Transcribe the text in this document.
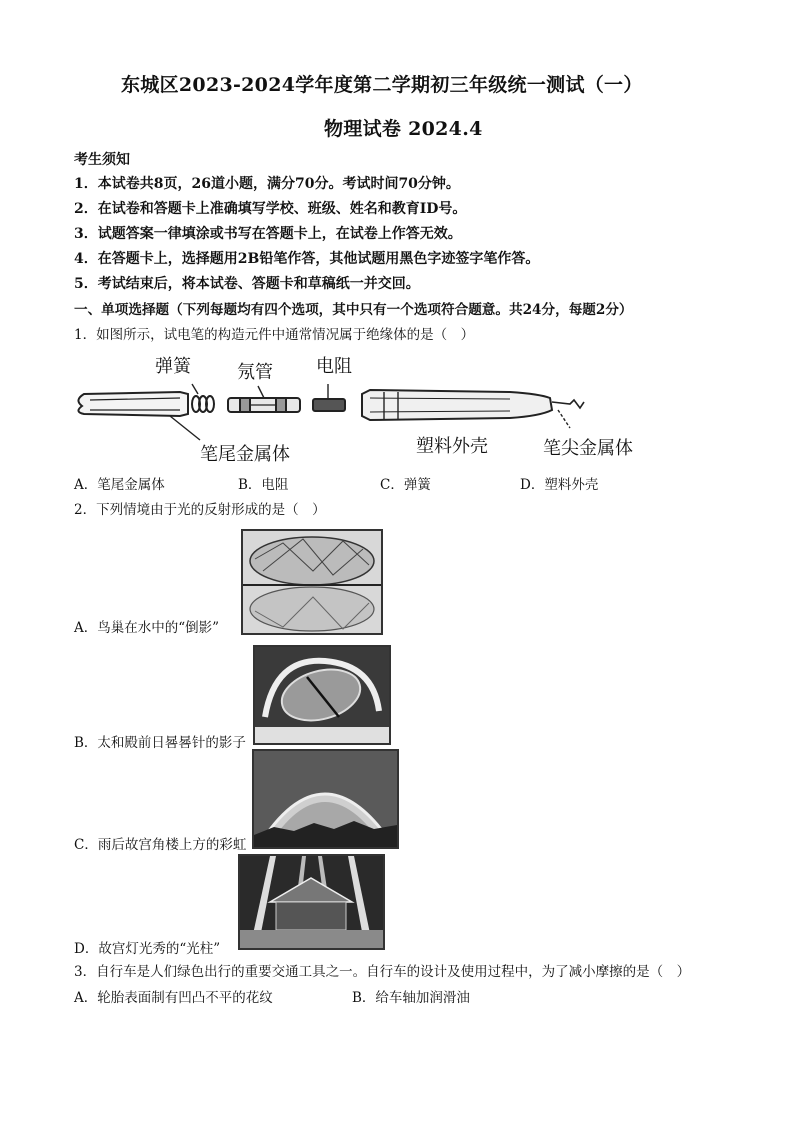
东城区2023-2024学年度第二学期初三年级统一测试（一）
物理试卷 2024.4
考生须知
1．本试卷共8页，26道小题，满分70分。考试时间70分钟。
2．在试卷和答题卡上准确填写学校、班级、姓名和教育ID号。
3．试题答案一律填涂或书写在答题卡上，在试卷上作答无效。
4．在答题卡上，选择题用2B铅笔作答，其他试题用黑色字迹签字笔作答。
5．考试结束后，将本试卷、答题卡和草稿纸一并交回。
一、单项选择题（下列每题均有四个选项，其中只有一个选项符合题意。共24分，每题2分）
1．如图所示，试电笔的构造元件中通常情况属于绝缘体的是（　）
弹簧	氖管 电阻
笔尾金属体	塑料外壳	笔尖金属体
A．笔尾金属体	B．电阻	C．弹簧	D．塑料外壳
2．下列情境由于光的反射形成的是（　）
A．鸟巢在水中的“倒影”
B．太和殿前日晷晷针的影子
C．雨后故宫角楼上方的彩虹
D．故宫灯光秀的“光柱”
3．自行车是人们绿色出行的重要交通工具之一。自行车的设计及使用过程中，为了减小摩擦的是（　）
A．轮胎表面制有凹凸不平的花纹	B．给车轴加润滑油
